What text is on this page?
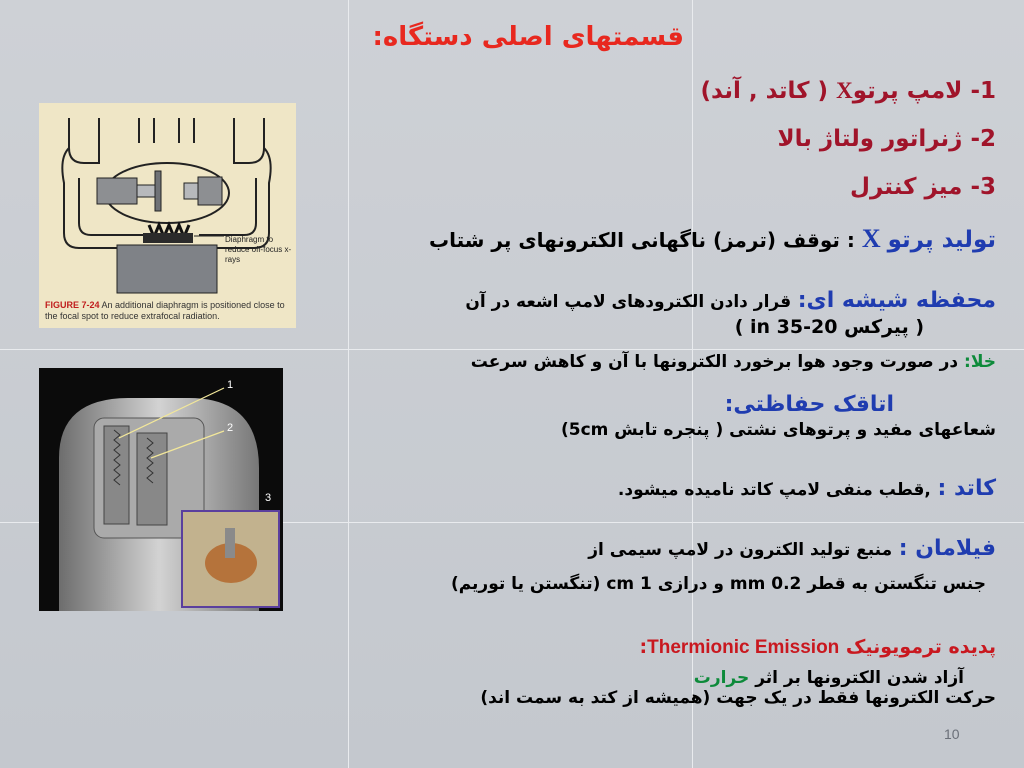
Diaphragm to reduce off-focus x-rays
FIGURE 7-24 An additional diaphragm is positioned close to the focal spot to reduce extrafocal radiation.
1
2
3
قسمتهای اصلی دستگاه:
1- لامپ پرتوX ( کاتد , آند)
2- ژنراتور ولتاژ بالا
3- میز کنترل
تولید پرتو X : توقف (ترمز) ناگهانی الکترونهای پر شتاب
محفظه شیشه ای: قرار دادن الکترودهای لامپ اشعه در آن
( پیرکس 20-35 in )
خلا: در صورت وجود هوا برخورد الکترونها با آن و کاهش سرعت
اتاقک حفاظتی:
شعاعهای مفید و پرتوهای نشتی ( پنجره تابش 5cm)
کاتد : ,قطب منفی لامپ کاتد نامیده میشود.
فیلامان : منبع تولید الکترون در لامپ سیمی از
جنس تنگستن به قطر 0.2 mm و درازی 1 cm (تنگستن یا توریم)
پدیده ترمویونیک Thermionic Emission:
آزاد شدن الکترونها بر اثر حرارت
حرکت الکترونها فقط در یک جهت (همیشه از کتد به سمت اند)
10
